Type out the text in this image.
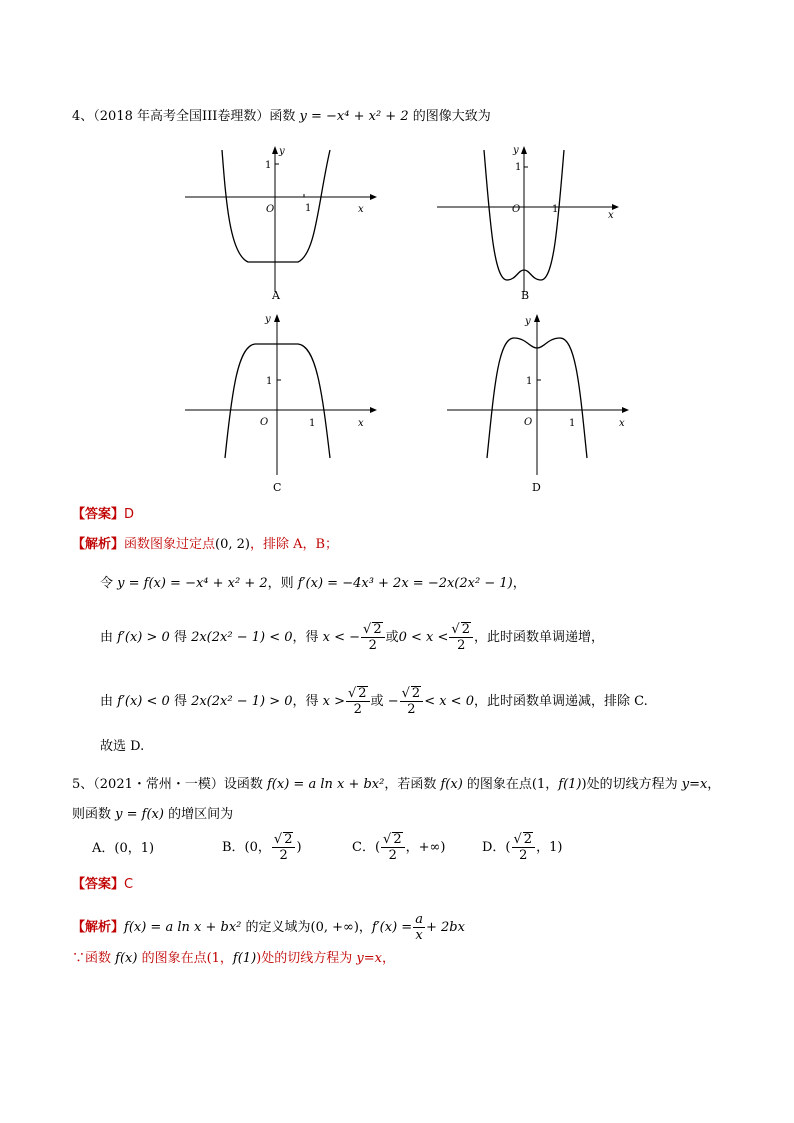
4、（2018 年高考全国III卷理数）函数 y = −x⁴ + x² + 2 的图像大致为
O	1
1
x
y
A
O	1
1
x
y
B
O	1
1
x
y
C
O	1
1
x
y
D
【答案】D
【解析】函数图象过定点(0, 2)，排除 A，B；
令 y = f(x) = −x⁴ + x² + 2，则 f′(x) = −4x³ + 2x = −2x(2x² − 1)，
由 f′(x) > 0 得 2x(2x² − 1) < 0，得 x < − $\frac{√ 2}{2}$ 或$0 < x < \frac{√ 2}{2}$ ，此时函数单调递增，
由 f′(x) < 0 得 2x(2x² − 1) > 0，得 $x > \frac{√ 2}{2}$ 或 − $\frac{√ 2}{2} < x < 0$，此时函数单调递减，排除 C.
故选 D.
5、（2021・常州・一模）设函数 f(x) = a ln x + bx²，若函数 f(x) 的图象在点(1，f(1))处的切线方程为 y=x，
则函数 y = f(x) 的增区间为
A．(0，1)	B．(0， $\frac{√ 2}{2}$ )	C．( $\frac{√ 2}{2}$ ，+∞)	D．( $\frac{√ 2}{2}$ ，1)
【答案】C
【解析】f(x) = a ln x + bx² 的定义域为(0, +∞)，$f'(x) = \frac{a}{x} + 2bx$
∵函数 f(x) 的图象在点(1，f(1))处的切线方程为 y=x，
